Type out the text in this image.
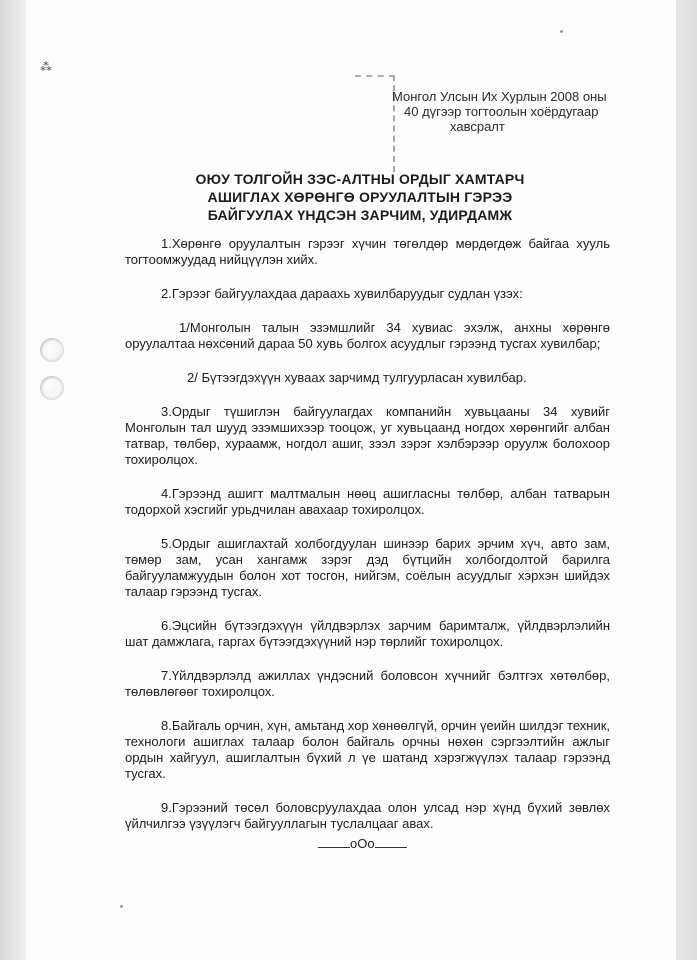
⁂
Монгол Улсын Их Хурлын 2008 оны
40 дүгээр тогтоолын хоёрдугаар
хавсралт
ОЮУ ТОЛГОЙН ЗЭС-АЛТНЫ ОРДЫГ ХАМТАРЧ
АШИГЛАХ ХӨРӨНГӨ ОРУУЛАЛТЫН ГЭРЭЭ
БАЙГУУЛАХ ҮНДСЭН ЗАРЧИМ, УДИРДАМЖ

1.Хөрөнгө оруулалтын гэрээг хүчин төгөлдөр мөрдөгдөж байгаа хууль тогтоомжуудад нийцүүлэн хийх.

2.Гэрээг байгуулахдаа дараахь хувилбаруудыг судлан үзэх:

1/Монголын талын эзэмшлийг 34 хувиас эхэлж, анхны хөрөнгө оруулалтаа нөхсөний дараа 50 хувь болгох асуудлыг гэрээнд тусгах хувилбар;

2/ Бүтээгдэхүүн хуваах зарчимд тулгуурласан хувилбар.

3.Ордыг түшиглэн байгуулагдах компанийн хувьцааны 34 хувийг Монголын тал шууд эзэмшихээр тооцож, уг хувьцаанд ногдох хөрөнгийг албан татвар, төлбөр, хураамж, ногдол ашиг, зээл зэрэг хэлбэрээр оруулж болохоор тохиролцох.

4.Гэрээнд ашигт малтмалын нөөц ашигласны төлбөр, албан татварын тодорхой хэсгийг урьдчилан авахаар тохиролцох.

5.Ордыг ашиглахтай холбогдуулан шинээр барих эрчим хүч, авто зам, төмөр зам, усан хангамж зэрэг дэд бүтцийн холбогдолтой барилга байгууламжуудын болон хот тосгон, нийгэм, соёлын асуудлыг хэрхэн шийдэх талаар гэрээнд тусгах.

6.Эцсийн бүтээгдэхүүн үйлдвэрлэх зарчим баримталж, үйлдвэрлэлийн шат дамжлага, гаргах бүтээгдэхүүний нэр төрлийг тохиролцох.

7.Үйлдвэрлэлд ажиллах үндэсний боловсон хүчнийг бэлтгэх хөтөлбөр, төлөвлөгөөг тохиролцох.

8.Байгаль орчин, хүн, амьтанд хор хөнөөлгүй, орчин үеийн шилдэг техник, технологи ашиглах талаар болон байгаль орчны нөхөн сэргээлтийн ажлыг ордын хайгуул, ашиглалтын бүхий л үе шатанд хэрэгжүүлэх талаар гэрээнд тусгах.

9.Гэрээний төсөл боловсруулахдаа олон улсад нэр хүнд бүхий зөвлөх үйлчилгээ үзүүлэгч байгууллагын туслалцааг авах.

oOo
